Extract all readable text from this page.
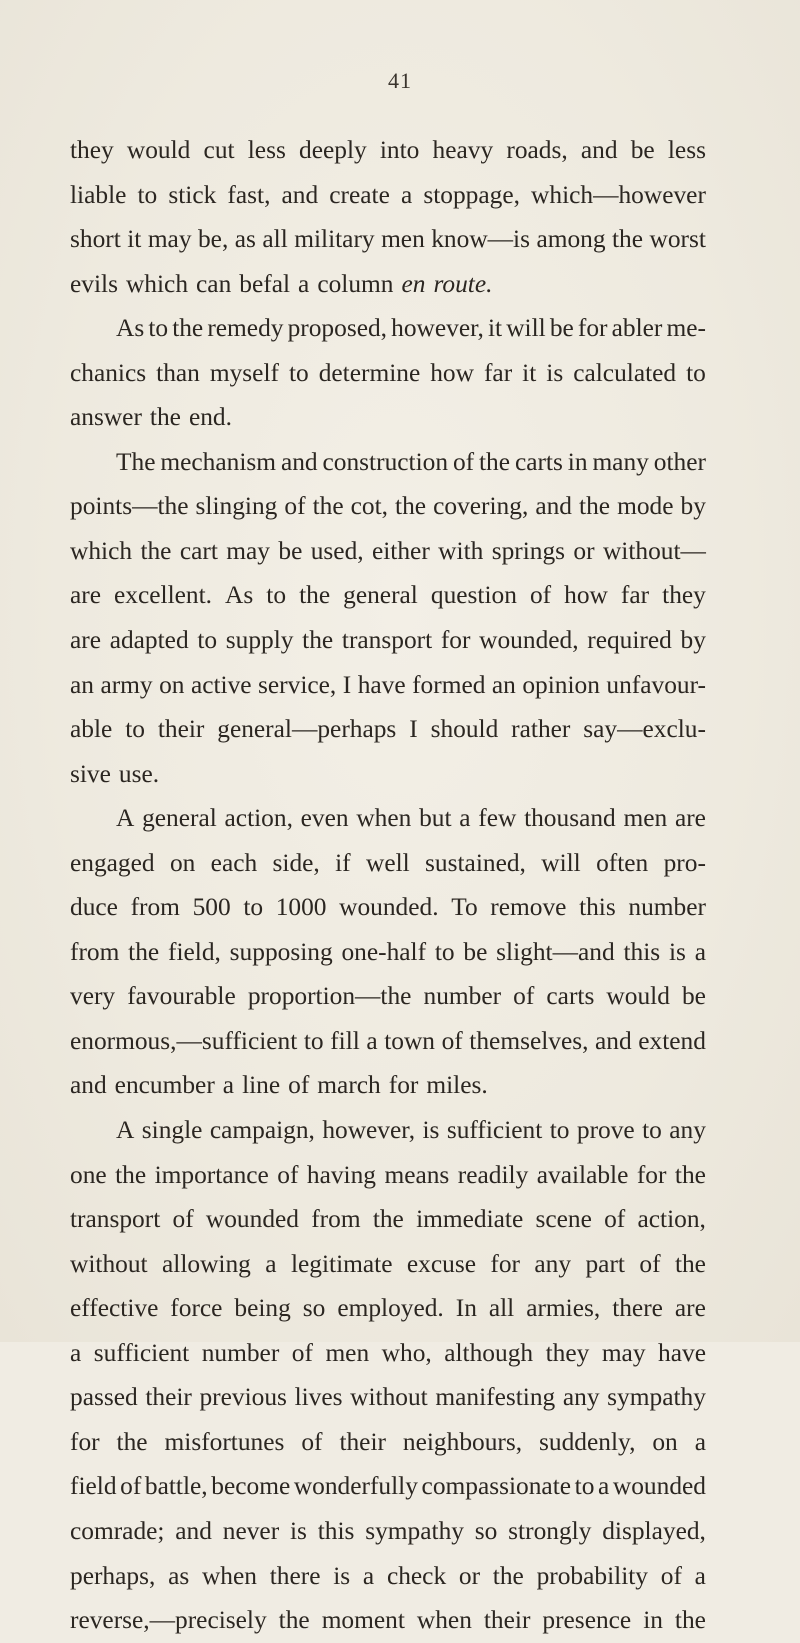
41
they would cut less deeply into heavy roads, and be less
liable to stick fast, and create a stoppage, which—however
short it may be, as all military men know—is among the worst
evils which can befal a column en route.
As to the remedy proposed, however, it will be for abler me-
chanics than myself to determine how far it is calculated to
answer the end.
The mechanism and construction of the carts in many other
points—the slinging of the cot, the covering, and the mode by
which the cart may be used, either with springs or without—
are excellent. As to the general question of how far they
are adapted to supply the transport for wounded, required by
an army on active service, I have formed an opinion unfavour-
able to their general—perhaps I should rather say—exclu-
sive use.
A general action, even when but a few thousand men are
engaged on each side, if well sustained, will often pro-
duce from 500 to 1000 wounded. To remove this number
from the field, supposing one-half to be slight—and this is a
very favourable proportion—the number of carts would be
enormous,—sufficient to fill a town of themselves, and extend
and encumber a line of march for miles.
A single campaign, however, is sufficient to prove to any
one the importance of having means readily available for the
transport of wounded from the immediate scene of action,
without allowing a legitimate excuse for any part of the
effective force being so employed. In all armies, there are
a sufficient number of men who, although they may have
passed their previous lives without manifesting any sympathy
for the misfortunes of their neighbours, suddenly, on a
field of battle, become wonderfully compassionate to a wounded
comrade; and never is this sympathy so strongly displayed,
perhaps, as when there is a check or the probability of a
reverse,—precisely the moment when their presence in the
